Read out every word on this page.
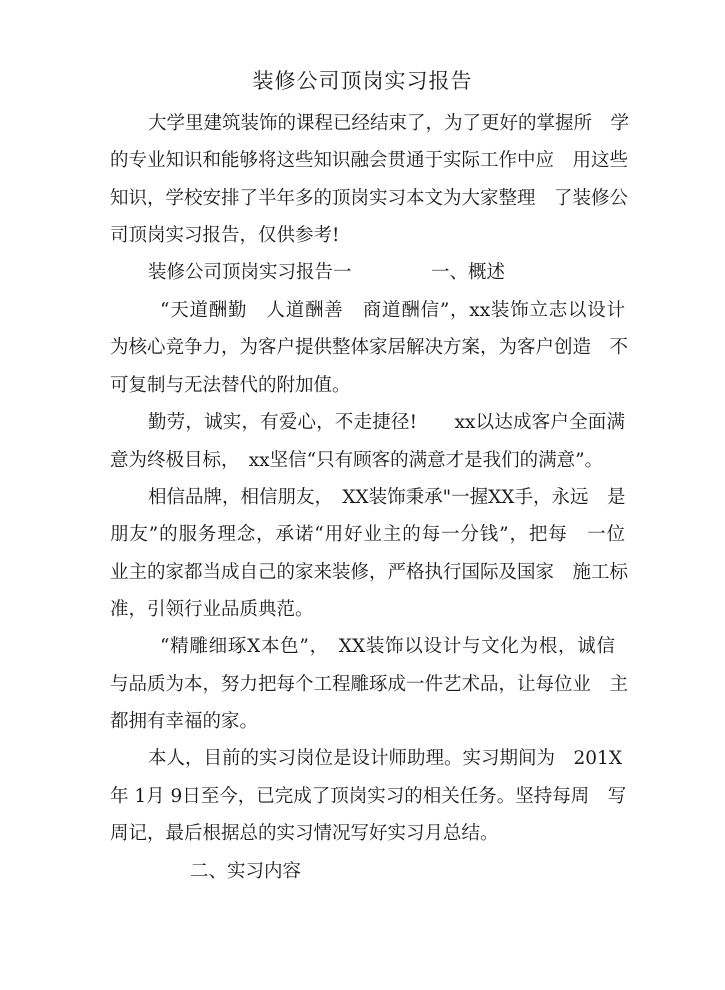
装修公司顶岗实习报告
大学里建筑装饰的课程已经结束了，为了更好的掌握所　学
的专业知识和能够将这些知识融会贯通于实际工作中应　用这些
知识，学校安排了半年多的顶岗实习本文为大家整理　了装修公
司顶岗实习报告，仅供参考!
装修公司顶岗实习报告一	一、概述
“天道酬勤　人道酬善　商道酬信”，xx装饰立志以设计
为核心竞争力，为客户提供整体家居解决方案，为客户创造　不
可复制与无法替代的附加值。
勤劳，诚实，有爱心，不走捷径!　　xx以达成客户全面满
意为终极目标，　xx坚信“只有顾客的满意才是我们的满意”。
相信品牌，相信朋友，　XX装饰秉承"一握XX手，永远　是
朋友”的服务理念，承诺“用好业主的每一分钱”，把每　一位
业主的家都当成自己的家来装修，严格执行国际及国家　施工标
准，引领行业品质典范。
“精雕细琢X本色”，　XX装饰以设计与文化为根，诚信
与品质为本，努力把每个工程雕琢成一件艺术品，让每位业　主
都拥有幸福的家。
本人，目前的实习岗位是设计师助理。实习期间为　201X
年 1月 9日至今，已完成了顶岗实习的相关任务。坚持每周　写
周记，最后根据总的实习情况写好实习月总结。
二、实习内容
